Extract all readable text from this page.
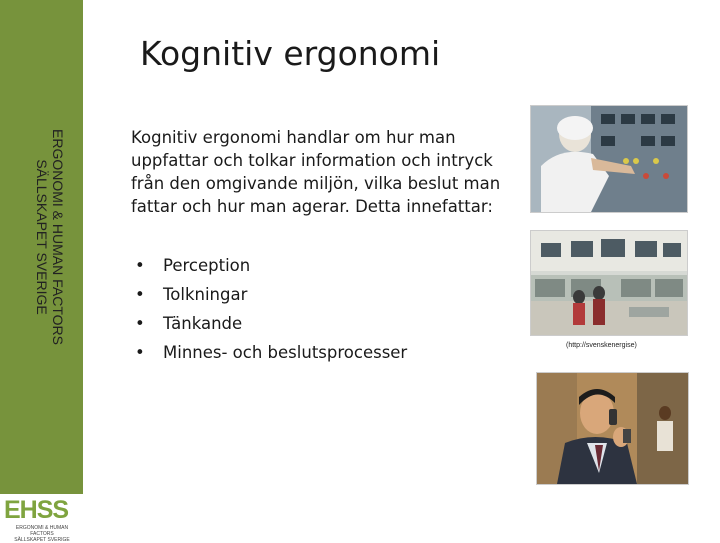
ERGONOMI & HUMAN FACTORS
SÄLLSKAPET SVERIGE
EHSS
ERGONOMI & HUMAN FACTORS
SÄLLSKAPET SVERIGE
Kognitiv ergonomi
Kognitiv ergonomi handlar om hur man uppfattar och tolkar information och intryck från den omgivande miljön, vilka beslut man fattar och hur man agerar. Detta innefattar:
• Perception
• Tolkningar
• Tänkande
• Minnes- och beslutsprocesser	(http://svenskenergise)
